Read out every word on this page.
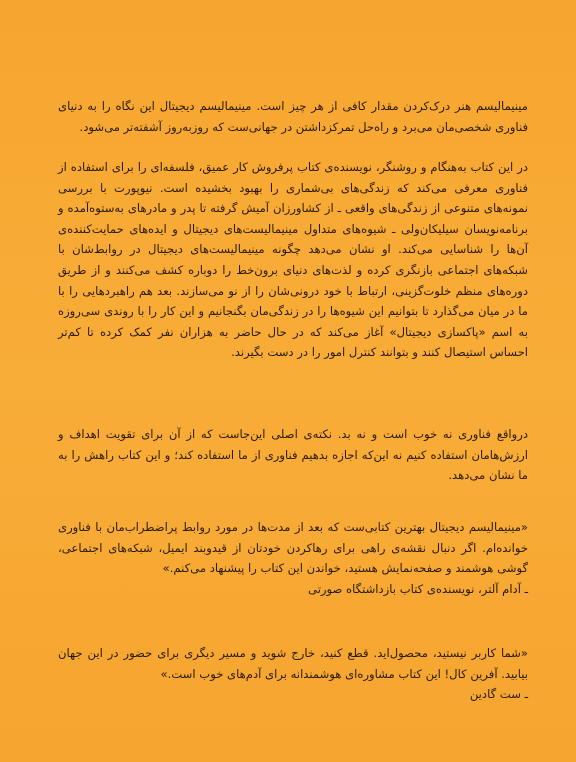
مینیمالیسم هنر درک‌کردن مقدار کافی از هر چیز است. مینیمالیسم دیجیتال این نگاه را به دنیای فناوری شخصی‌مان می‌برد و راه‌حل تمرکزداشتن در جهانی‌ست که روزبه‌روز آشفته‌تر می‌شود.

در این کتاب به‌هنگام و روشنگر، نویسنده‌ی کتاب پرفروش کار عمیق، فلسفه‌ای را برای استفاده از فناوری معرفی می‌کند که زندگی‌های بی‌شماری را بهبود بخشیده است. نیوپورت با بررسی نمونه‌های متنوعی از زندگی‌های واقعی ـ از کشاورزان آمیش گرفته تا پدر و مادرهای به‌ستوه‌آمده و برنامه‌نویسان سیلیکان‌ولی ـ شیوه‌های متداول مینیمالیست‌های دیجیتال و ایده‌های حمایت‌کننده‌ی آن‌ها را شناسایی می‌کند. او نشان می‌دهد چگونه مینیمالیست‌های دیجیتال در روابط‌شان با شبکه‌های اجتماعی بازنگری کرده و لذت‌های دنیای برون‌خط را دوباره کشف می‌کنند و از طریق دوره‌های منظم خلوت‌گزینی، ارتباط با خود درونی‌شان را از نو می‌سازند. بعد هم راهبردهایی را با ما در میان می‌گذارد تا بتوانیم این شیوه‌ها را در زندگی‌مان بگنجانیم و این کار را با روندی سی‌روزه به اسم «پاکسازی دیجیتال» آغاز می‌کند که در حال حاضر به هزاران نفر کمک کرده تا کم‌تر احساس استیصال کنند و بتوانند کنترل امور را در دست بگیرند.

درواقع فناوری نه خوب است و نه بد. نکته‌ی اصلی این‌جاست که از آن برای تقویت اهداف و ارزش‌هامان استفاده کنیم نه این‌که اجازه بدهیم فناوری از ما استفاده کند؛ و این کتاب راهش را به ما نشان می‌دهد.

«مینیمالیسم دیجیتال بهترین کتابی‌ست که بعد از مدت‌ها در مورد روابط پراضطراب‌مان با فناوری خوانده‌ام. اگر دنبال نقشه‌ی راهی برای رهاکردن خودتان از قیدوبند ایمیل، شبکه‌های اجتماعی، گوشی هوشمند و صفحه‌نمایش هستید، خواندن این کتاب را پیشنهاد می‌کنم.»

ـ آدام آلتر، نویسنده‌ی کتاب بازداشتگاه صورتی

«شما کاربر نیستید، محصول‌اید. قطع کنید، خارج شوید و مسیر دیگری برای حضور در این جهان بیابید. آفرین کال! این کتاب مشاوره‌ای هوشمندانه برای آدم‌های خوب است.»

ـ ست گادین
